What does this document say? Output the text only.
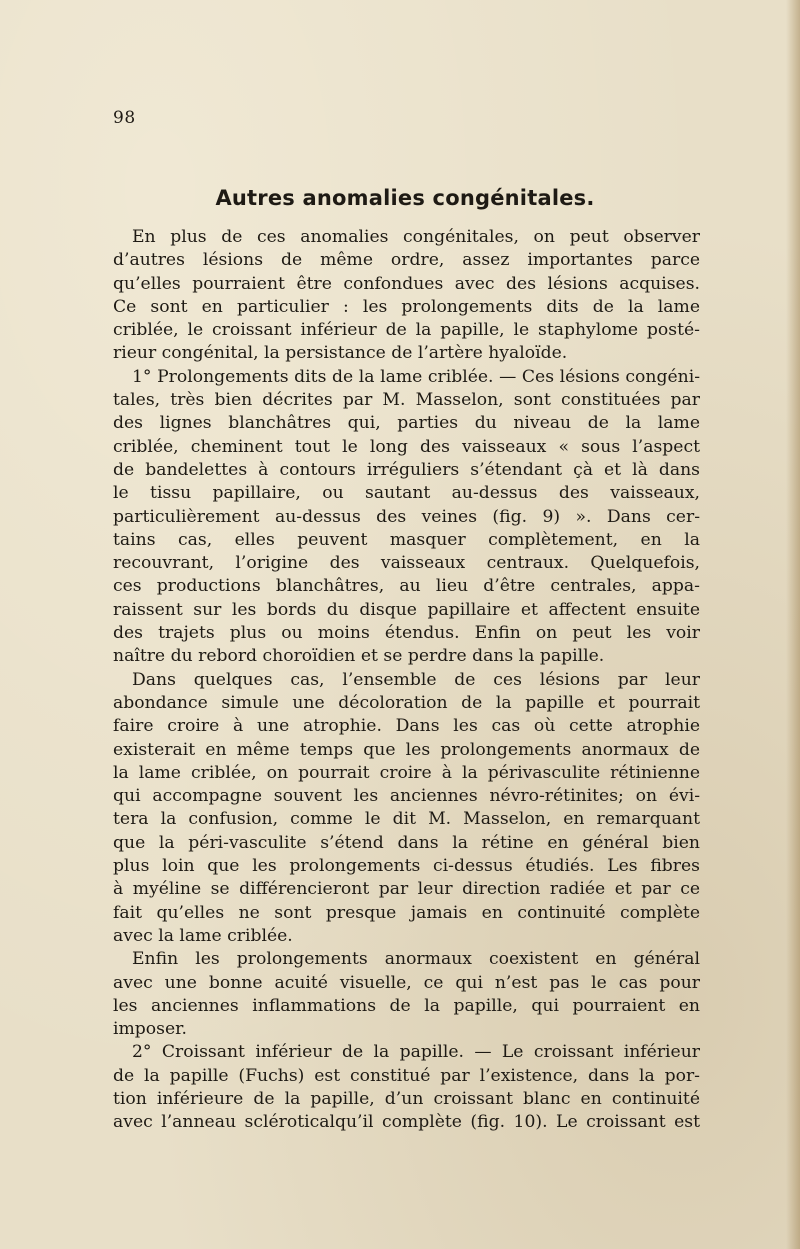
98
Autres anomalies congénitales.
En plus de ces anomalies congénitales, on peut observer
d’autres lésions de même ordre, assez importantes parce
qu’elles pourraient être confondues avec des lésions acquises.
Ce sont en particulier : les prolongements dits de la lame
criblée, le croissant inférieur de la papille, le staphylome posté-
rieur congénital, la persistance de l’artère hyaloïde.
1° Prolongements dits de la lame criblée. — Ces lésions congéni-
tales, très bien décrites par M. Masselon, sont constituées par
des lignes blanchâtres qui, parties du niveau de la lame
criblée, cheminent tout le long des vaisseaux « sous l’aspect
de bandelettes à contours irréguliers s’étendant çà et là dans
le tissu papillaire, ou sautant au-dessus des vaisseaux,
particulièrement au-dessus des veines (fig. 9) ». Dans cer-
tains cas, elles peuvent masquer complètement, en la
recouvrant, l’origine des vaisseaux centraux. Quelquefois,
ces productions blanchâtres, au lieu d’être centrales, appa-
raissent sur les bords du disque papillaire et affectent ensuite
des trajets plus ou moins étendus. Enfin on peut les voir
naître du rebord choroïdien et se perdre dans la papille.
Dans quelques cas, l’ensemble de ces lésions par leur
abondance simule une décoloration de la papille et pourrait
faire croire à une atrophie. Dans les cas où cette atrophie
existerait en même temps que les prolongements anormaux de
la lame criblée, on pourrait croire à la périvasculite rétinienne
qui accompagne souvent les anciennes névro-rétinites; on évi-
tera la confusion, comme le dit M. Masselon, en remarquant
que la péri-vasculite s’étend dans la rétine en général bien
plus loin que les prolongements ci-dessus étudiés. Les fibres
à myéline se différencieront par leur direction radiée et par ce
fait qu’elles ne sont presque jamais en continuité complète
avec la lame criblée.
Enfin les prolongements anormaux coexistent en général
avec une bonne acuité visuelle, ce qui n’est pas le cas pour
les anciennes inflammations de la papille, qui pourraient en
imposer.
2° Croissant inférieur de la papille. — Le croissant inférieur
de la papille (Fuchs) est constitué par l’existence, dans la por-
tion inférieure de la papille, d’un croissant blanc en continuité
avec l’anneau scléroticalqu’il complète (fig. 10). Le croissant est
